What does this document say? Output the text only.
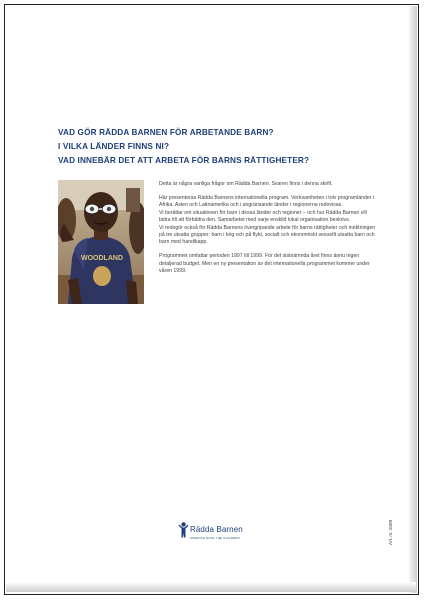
VAD GÖR RÄDDA BARNEN FÖR ARBETANDE BARN?
I VILKA LÄNDER FINNS NI?
VAD INNEBÄR DET ATT ARBETA FÖR BARNS RÄTTIGHETER?
WOODLAND

Detta är några vanliga frågor om Rädda Barnen. Svaren finns i denna skrift.

Här presenteras Rädda Barnens internationella program. Verksamheten i tolv programländer i Afrika, Asien och Latinamerika och i angränsande länder i regionerna redovisas.

Vi berättar om situationen för barn i dessa länder och regioner – och hur Rädda Barnen vill bidra till att förbättra den. Samarbetet med varje enskild lokal organisation beskrivs.

Vi redogör också för Rädda Barnens övergripande arbete för barns rättigheter och inriktningen på tre utsatta grupper: barn i krig och på flykt, socialt och ekonomiskt sexuellt utsatta barn och barn med handikapp.

Programmet omfattar perioden 1997 till 1999. För det sistnämnda året finns ännu ingen detaljerad budget. Men en ny presentation av det internationella programmet kommer under våren 1999.

Rädda Barnen
SWEDISH SAVE THE CHILDREN	Art. nr. 2009
